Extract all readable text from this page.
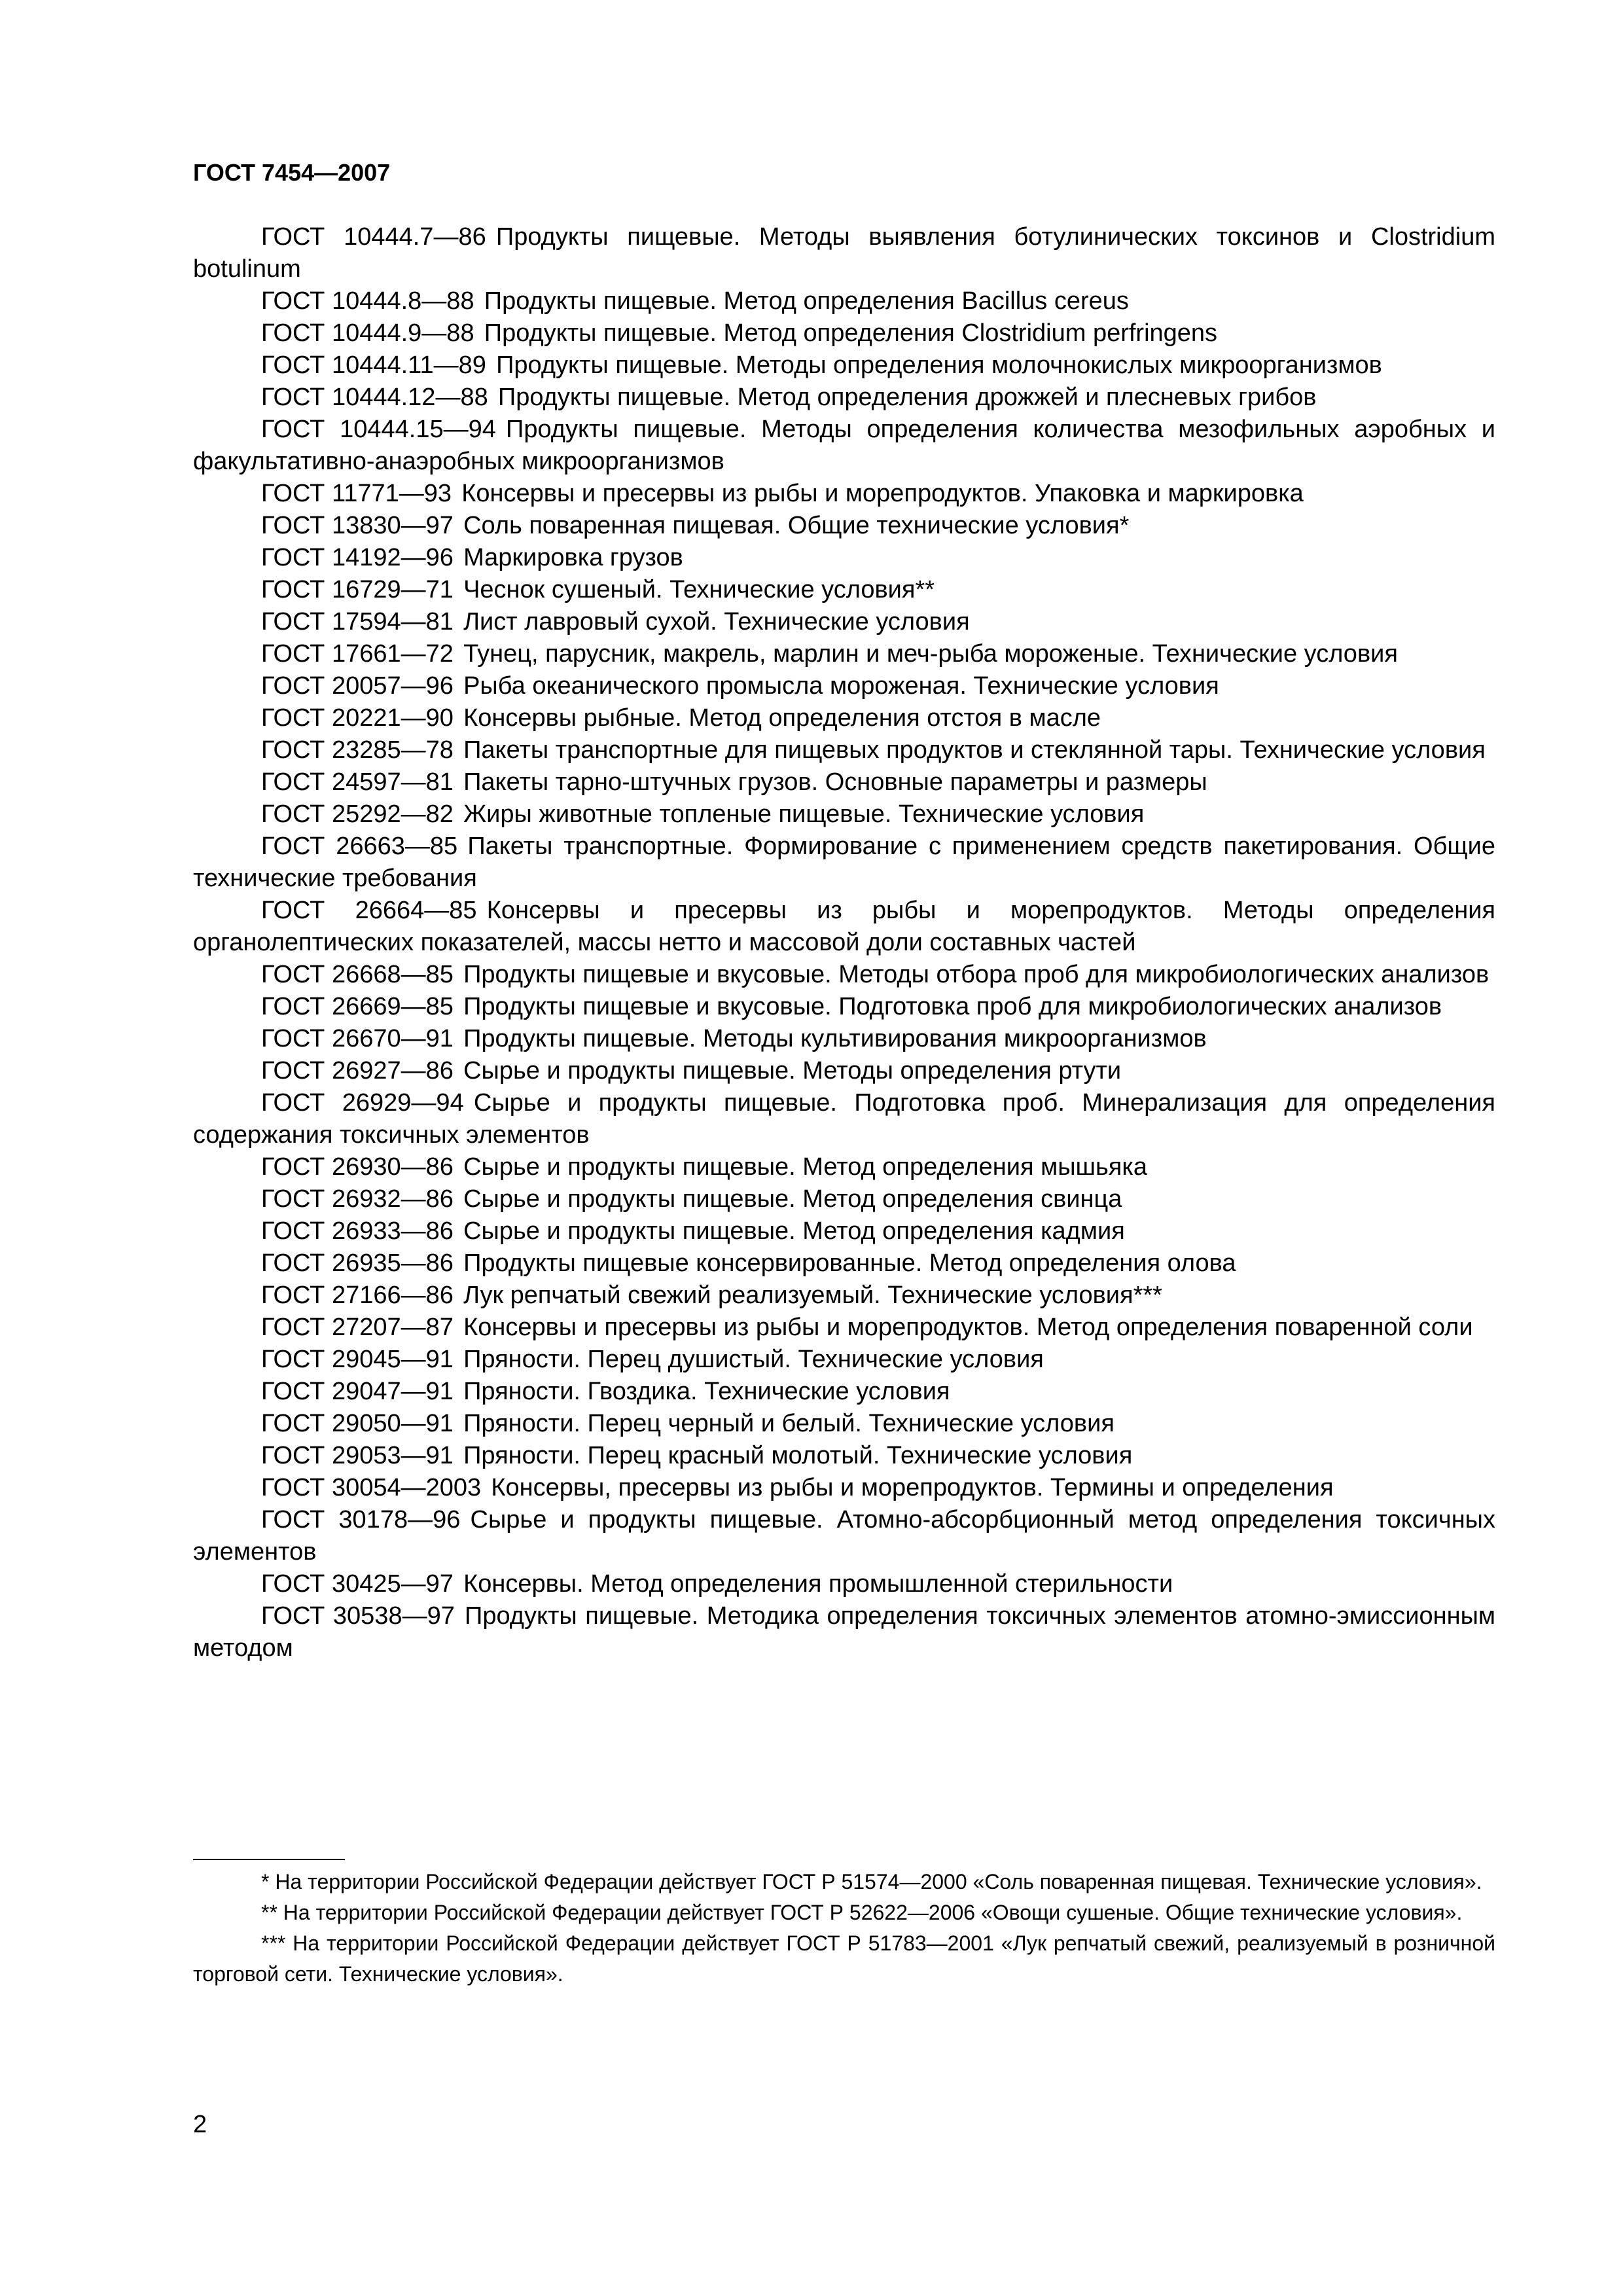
ГОСТ 7454—2007

ГОСТ 10444.7—86 Продукты пищевые. Методы выявления ботулинических токсинов и Clostridium botulinum

ГОСТ 10444.8—88 Продукты пищевые. Метод определения Bacillus cereus

ГОСТ 10444.9—88 Продукты пищевые. Метод определения Clostridium perfringens

ГОСТ 10444.11—89 Продукты пищевые. Методы определения молочнокислых микроорганизмов

ГОСТ 10444.12—88 Продукты пищевые. Метод определения дрожжей и плесневых грибов

ГОСТ 10444.15—94 Продукты пищевые. Методы определения количества мезофильных аэробных и факультативно-анаэробных микроорганизмов

ГОСТ 11771—93 Консервы и пресервы из рыбы и морепродуктов. Упаковка и маркировка

ГОСТ 13830—97 Соль поваренная пищевая. Общие технические условия*

ГОСТ 14192—96 Маркировка грузов

ГОСТ 16729—71 Чеснок сушеный. Технические условия**

ГОСТ 17594—81 Лист лавровый сухой. Технические условия

ГОСТ 17661—72 Тунец, парусник, макрель, марлин и меч-рыба мороженые. Технические условия

ГОСТ 20057—96 Рыба океанического промысла мороженая. Технические условия

ГОСТ 20221—90 Консервы рыбные. Метод определения отстоя в масле

ГОСТ 23285—78 Пакеты транспортные для пищевых продуктов и стеклянной тары. Технические условия

ГОСТ 24597—81 Пакеты тарно-штучных грузов. Основные параметры и размеры

ГОСТ 25292—82 Жиры животные топленые пищевые. Технические условия

ГОСТ 26663—85 Пакеты транспортные. Формирование с применением средств пакетирования. Общие технические требования

ГОСТ 26664—85 Консервы и пресервы из рыбы и морепродуктов. Методы определения органолептических показателей, массы нетто и массовой доли составных частей

ГОСТ 26668—85 Продукты пищевые и вкусовые. Методы отбора проб для микробиологических анализов

ГОСТ 26669—85 Продукты пищевые и вкусовые. Подготовка проб для микробиологических анализов

ГОСТ 26670—91 Продукты пищевые. Методы культивирования микроорганизмов

ГОСТ 26927—86 Сырье и продукты пищевые. Методы определения ртути

ГОСТ 26929—94 Сырье и продукты пищевые. Подготовка проб. Минерализация для определения содержания токсичных элементов

ГОСТ 26930—86 Сырье и продукты пищевые. Метод определения мышьяка

ГОСТ 26932—86 Сырье и продукты пищевые. Метод определения свинца

ГОСТ 26933—86 Сырье и продукты пищевые. Метод определения кадмия

ГОСТ 26935—86 Продукты пищевые консервированные. Метод определения олова

ГОСТ 27166—86 Лук репчатый свежий реализуемый. Технические условия***

ГОСТ 27207—87 Консервы и пресервы из рыбы и морепродуктов. Метод определения поваренной соли

ГОСТ 29045—91 Пряности. Перец душистый. Технические условия

ГОСТ 29047—91 Пряности. Гвоздика. Технические условия

ГОСТ 29050—91 Пряности. Перец черный и белый. Технические условия

ГОСТ 29053—91 Пряности. Перец красный молотый. Технические условия

ГОСТ 30054—2003 Консервы, пресервы из рыбы и морепродуктов. Термины и определения

ГОСТ 30178—96 Сырье и продукты пищевые. Атомно-абсорбционный метод определения токсичных элементов

ГОСТ 30425—97 Консервы. Метод определения промышленной стерильности

ГОСТ 30538—97 Продукты пищевые. Методика определения токсичных элементов атомно-эмиссионным методом

* На территории Российской Федерации действует ГОСТ Р 51574—2000 «Соль поваренная пищевая. Технические условия».

** На территории Российской Федерации действует ГОСТ Р 52622—2006 «Овощи сушеные. Общие технические условия».

*** На территории Российской Федерации действует ГОСТ Р 51783—2001 «Лук репчатый свежий, реализуемый в розничной торговой сети. Технические условия».

2
